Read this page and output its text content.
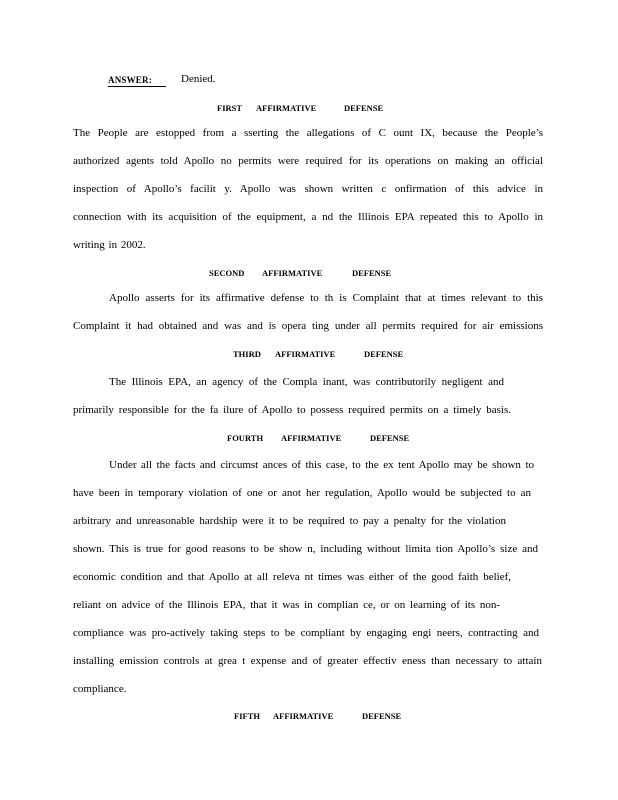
ANSWER:	Denied.
FIRST AFFIRMATIVE	DEFENSE
The People are estopped from a sserting the allegations of C ount IX, because the People’s
authorized agents told Apollo no permits were required for its operations on making an official
inspection of Apollo’s facilit y. Apollo was shown written c onfirmation of this advice in
connection with its acquisition of the equipment, a nd the Illinois EPA repeated this to Apollo in
writing in 2002.
SECOND AFFIRMATIVE	DEFENSE
Apollo asserts for its affirmative defense to th is Complaint that at times relevant to this
Complaint it had obtained and was and is opera ting under all permits required for air emissions
THIRD AFFIRMATIVE	DEFENSE
The Illinois EPA, an agency of the Compla inant, was contributorily negligent and
primarily responsible for the fa ilure of Apollo to possess required permits on a timely basis.
FOURTH AFFIRMATIVE	DEFENSE
Under all the facts and circumst ances of this case, to the ex tent Apollo may be shown to
have been in temporary violation of one or anot her regulation, Apollo would be subjected to an
arbitrary and unreasonable hardship were it to be required to pay a penalty for the violation
shown. This is true for good reasons to be show n, including without limita tion Apollo’s size and
economic condition and that Apollo at all releva nt times was either of the good faith belief,
reliant on advice of the Illinois EPA, that it was in complian ce, or on learning of its non-
compliance was pro-actively taking steps to be compliant by engaging engi neers, contracting and
installing emission controls at grea t expense and of greater effectiv eness than necessary to attain
compliance.
FIFTH AFFIRMATIVE	DEFENSE
